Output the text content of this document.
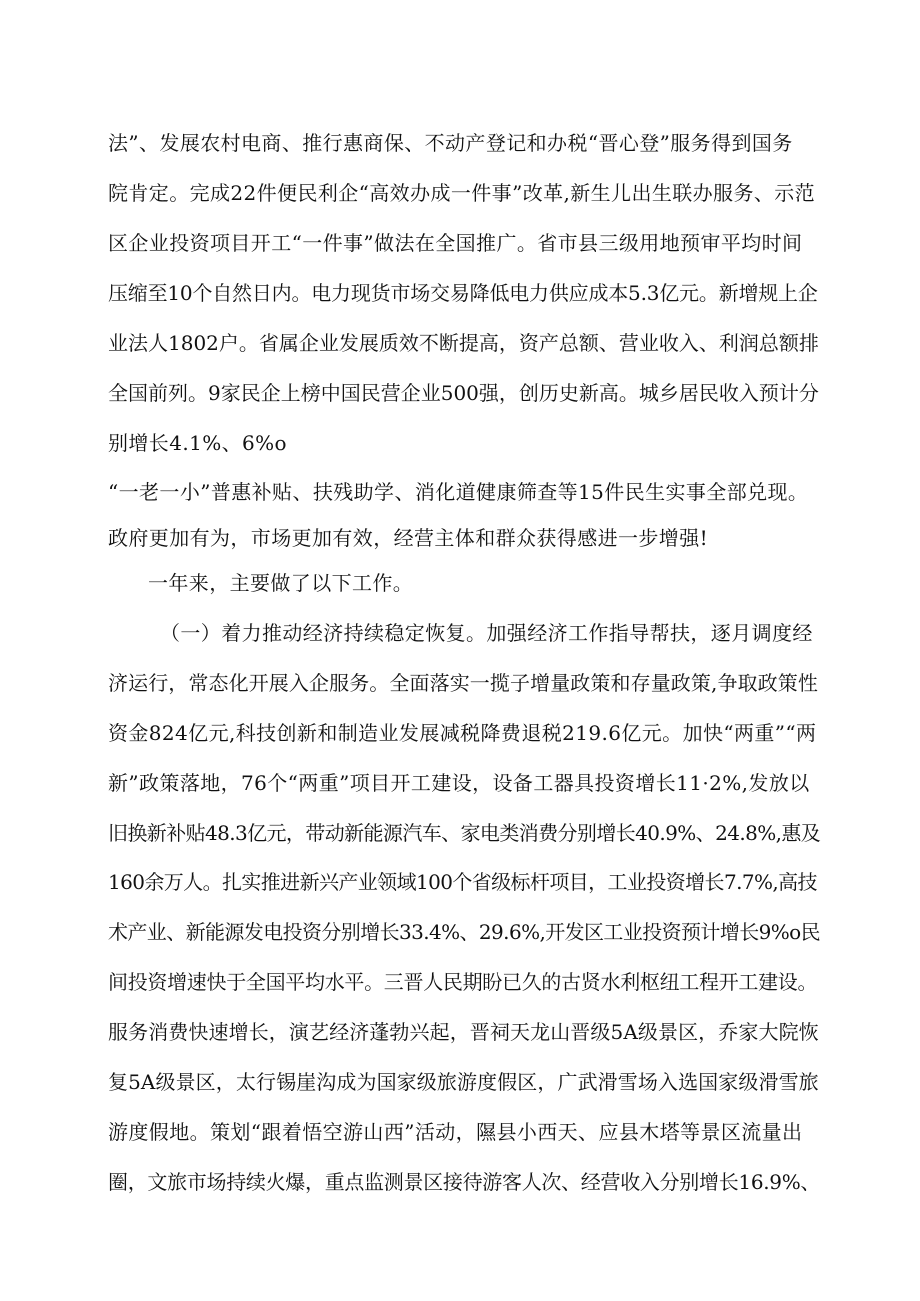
法”、发展农村电商、推行惠商保、不动产登记和办税“晋心登”服务得到国务
院肯定。完成22件便民利企“高效办成一件事”改革,新生儿出生联办服务、示范
区企业投资项目开工“一件事”做法在全国推广。省市县三级用地预审平均时间
压缩至10个自然日内。电力现货市场交易降低电力供应成本5.3亿元。新增规上企
业法人1802户。省属企业发展质效不断提高，资产总额、营业收入、利润总额排
全国前列。9家民企上榜中国民营企业500强，创历史新高。城乡居民收入预计分
别增长4.1%、6%o
“一老一小”普惠补贴、扶残助学、消化道健康筛查等15件民生实事全部兑现。
政府更加有为，市场更加有效，经营主体和群众获得感进一步增强!
一年来，主要做了以下工作。
（一）着力推动经济持续稳定恢复。加强经济工作指导帮扶，逐月调度经
济运行，常态化开展入企服务。全面落实一揽子增量政策和存量政策,争取政策性
资金824亿元,科技创新和制造业发展减税降费退税219.6亿元。加快“两重”“两
新”政策落地，76个“两重”项目开工建设，设备工器具投资增长11·2%,发放以
旧换新补贴48.3亿元，带动新能源汽车、家电类消费分别增长40.9%、24.8%,惠及
160余万人。扎实推进新兴产业领域100个省级标杆项目，工业投资增长7.7%,高技
术产业、新能源发电投资分别增长33.4%、29.6%,开发区工业投资预计增长9%o民
间投资增速快于全国平均水平。三晋人民期盼已久的古贤水利枢纽工程开工建设。
服务消费快速增长，演艺经济蓬勃兴起，晋祠天龙山晋级5A级景区，乔家大院恢
复5A级景区，太行锡崖沟成为国家级旅游度假区，广武滑雪场入选国家级滑雪旅
游度假地。策划“跟着悟空游山西”活动，隰县小西天、应县木塔等景区流量出
圈，文旅市场持续火爆，重点监测景区接待游客人次、经营收入分别增长16.9%、
